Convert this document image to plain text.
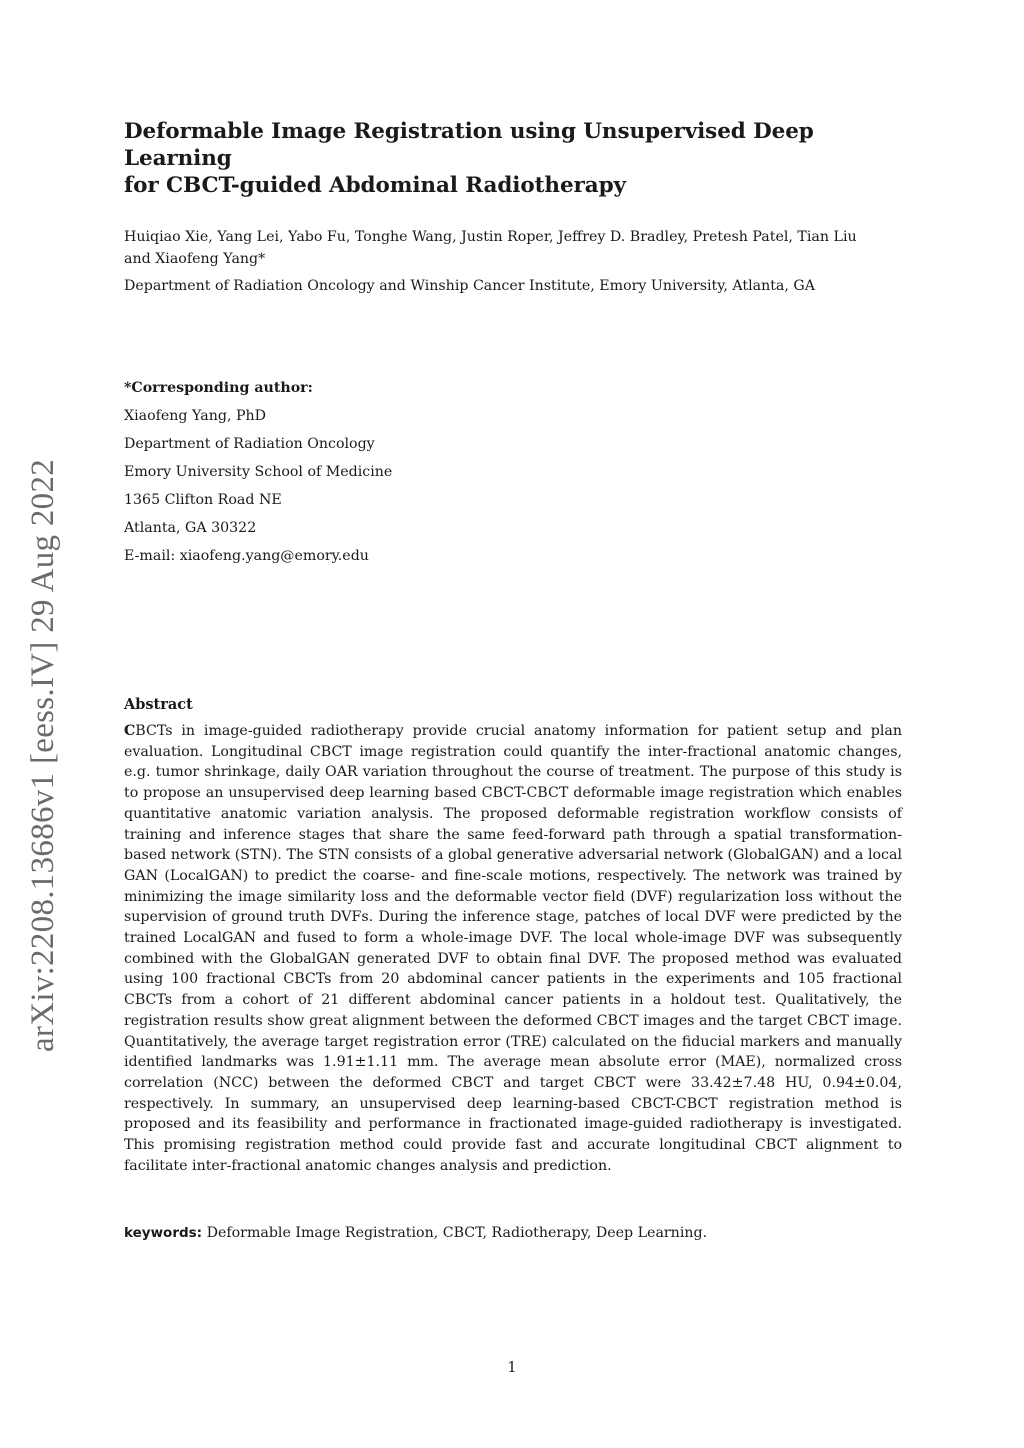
arXiv:2208.13686v1 [eess.IV] 29 Aug 2022
Deformable Image Registration using Unsupervised Deep Learning
for CBCT-guided Abdominal Radiotherapy
Huiqiao Xie, Yang Lei, Yabo Fu, Tonghe Wang, Justin Roper, Jeffrey D. Bradley, Pretesh Patel, Tian Liu
and Xiaofeng Yang*
Department of Radiation Oncology and Winship Cancer Institute, Emory University, Atlanta, GA
*Corresponding author:
Xiaofeng Yang, PhD
Department of Radiation Oncology
Emory University School of Medicine
1365 Clifton Road NE
Atlanta, GA 30322
E-mail: xiaofeng.yang@emory.edu
Abstract

CBCTs in image-guided radiotherapy provide crucial anatomy information for patient setup and plan evaluation. Longitudinal CBCT image registration could quantify the inter-fractional anatomic changes, e.g. tumor shrinkage, daily OAR variation throughout the course of treatment. The purpose of this study is to propose an unsupervised deep learning based CBCT-CBCT deformable image registration which enables quantitative anatomic variation analysis. The proposed deformable registration workflow consists of training and inference stages that share the same feed-forward path through a spatial transformation-based network (STN). The STN consists of a global generative adversarial network (GlobalGAN) and a local GAN (LocalGAN) to predict the coarse- and fine-scale motions, respectively. The network was trained by minimizing the image similarity loss and the deformable vector field (DVF) regularization loss without the supervision of ground truth DVFs. During the inference stage, patches of local DVF were predicted by the trained LocalGAN and fused to form a whole-image DVF. The local whole-image DVF was subsequently combined with the GlobalGAN generated DVF to obtain final DVF. The proposed method was evaluated using 100 fractional CBCTs from 20 abdominal cancer patients in the experiments and 105 fractional CBCTs from a cohort of 21 different abdominal cancer patients in a holdout test. Qualitatively, the registration results show great alignment between the deformed CBCT images and the target CBCT image. Quantitatively, the average target registration error (TRE) calculated on the fiducial markers and manually identified landmarks was 1.91±1.11 mm. The average mean absolute error (MAE), normalized cross correlation (NCC) between the deformed CBCT and target CBCT were 33.42±7.48 HU, 0.94±0.04, respectively. In summary, an unsupervised deep learning-based CBCT-CBCT registration method is proposed and its feasibility and performance in fractionated image-guided radiotherapy is investigated. This promising registration method could provide fast and accurate longitudinal CBCT alignment to facilitate inter-fractional anatomic changes analysis and prediction.

keywords: Deformable Image Registration, CBCT, Radiotherapy, Deep Learning.
1
